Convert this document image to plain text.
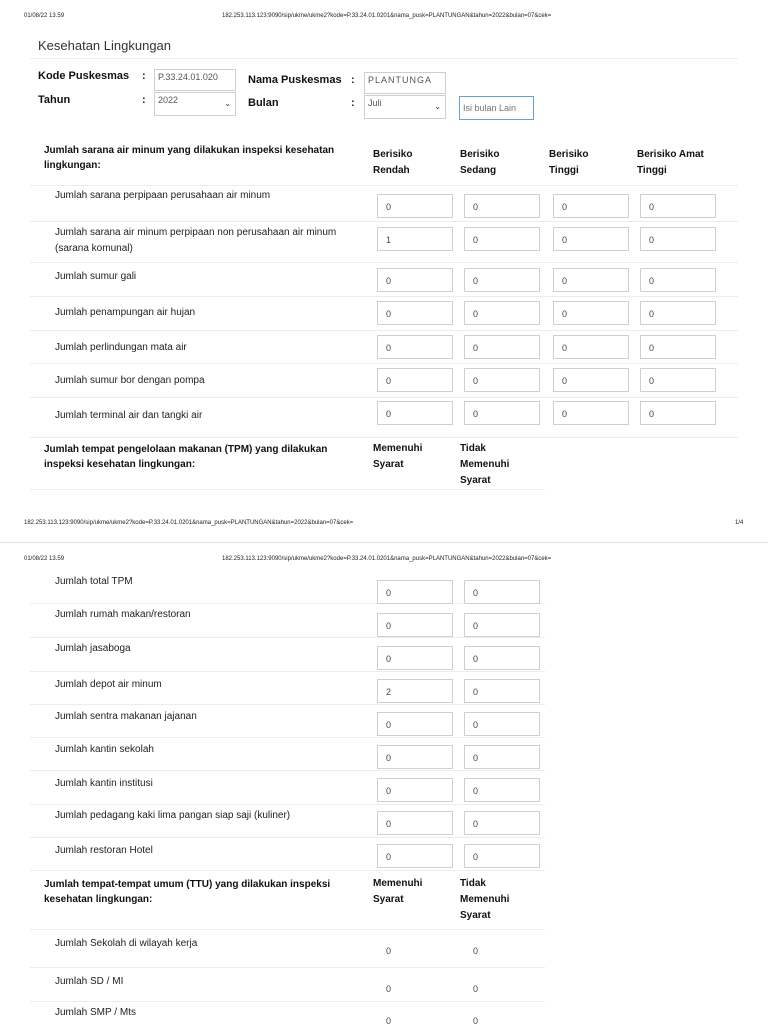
01/08/22 13.59	182.253.113.123:9090/sip/ukme/ukme2?kode=P.33.24.01.0201&nama_pusk=PLANTUNGAN&tahun=2022&bulan=07&cek=
Kesehatan Lingkungan
Kode Puskesmas :	P.33.24.01.020	Nama Puskesmas :	PLANTUNGA
Tahun	:	2022	⌄ Bulan	:	Juli	⌄
Isi bulan Lain
Jumlah sarana air minum yang dilakukan inspeksi kesehatan lingkungan:
Berisiko Rendah
Berisiko Sedang
Berisiko Tinggi
Berisiko Amat Tinggi
Jumlah sarana perpipaan perusahaan air minum
0	0	0	0
Jumlah sarana air minum perpipaan non perusahaan air minum (sarana komunal)
1	0	0	0
Jumlah sumur gali	0	0	0	0
Jumlah penampungan air hujan	0	0	0	0
Jumlah perlindungan mata air	0	0	0	0
Jumlah sumur bor dengan pompa	0	0	0	0
Jumlah terminal air dan tangki air	0	0	0	0
Jumlah tempat pengelolaan makanan (TPM) yang dilakukan inspeksi kesehatan lingkungan:
Memenuhi Syarat
Tidak Memenuhi Syarat
182.253.113.123:9090/sip/ukme/ukme2?kode=P.33.24.01.0201&nama_pusk=PLANTUNGAN&tahun=2022&bulan=07&cek=	1/4
01/08/22 13.59	182.253.113.123:9090/sip/ukme/ukme2?kode=P.33.24.01.0201&nama_pusk=PLANTUNGAN&tahun=2022&bulan=07&cek=
Jumlah total TPM
0	0
Jumlah rumah makan/restoran
0	0
Jumlah jasaboga
0	0
Jumlah depot air minum
2	0
Jumlah sentra makanan jajanan
0	0
Jumlah kantin sekolah
0	0
Jumlah kantin institusi
0	0
Jumlah pedagang kaki lima pangan siap saji (kuliner)
0	0
Jumlah restoran Hotel
0	0
Jumlah tempat-tempat umum (TTU) yang dilakukan inspeksi kesehatan lingkungan:
Memenuhi Syarat
Tidak Memenuhi Syarat
Jumlah Sekolah di wilayah kerja
0	0
Jumlah SD / MI
0	0
Jumlah SMP / Mts
0	0
